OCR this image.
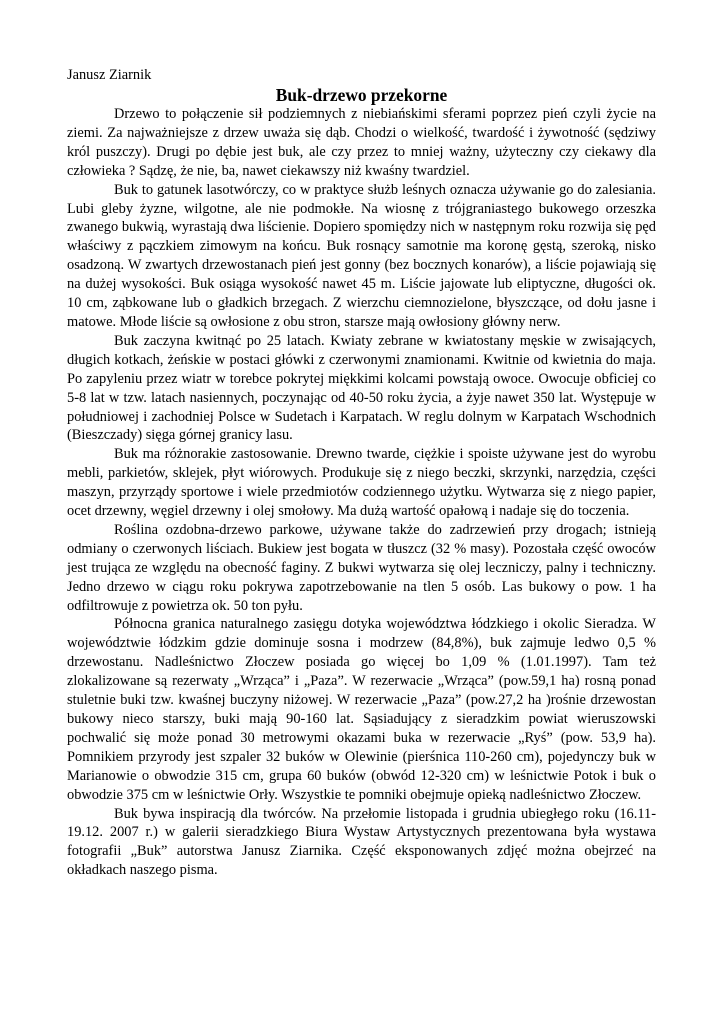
Janusz Ziarnik

Buk-drzewo przekorne

Drzewo to połączenie sił podziemnych z niebiańskimi sferami poprzez pień czyli życie na ziemi. Za najważniejsze z drzew uważa się dąb. Chodzi o wielkość, twardość i żywotność (sędziwy król puszczy). Drugi po dębie jest buk, ale czy przez to mniej ważny, użyteczny czy ciekawy dla człowieka ? Sądzę, że nie, ba, nawet ciekawszy niż kwaśny twardziel.

Buk to gatunek lasotwórczy, co w praktyce służb leśnych oznacza używanie go do zalesiania. Lubi gleby żyzne, wilgotne, ale nie podmokłe. Na wiosnę z trójgraniastego bukowego orzeszka zwanego bukwią, wyrastają dwa liścienie. Dopiero spomiędzy nich w następnym roku rozwija się pęd właściwy z pączkiem zimowym na końcu. Buk rosnący samotnie ma koronę gęstą, szeroką, nisko osadzoną. W zwartych drzewostanach pień jest gonny (bez bocznych konarów), a liście pojawiają się na dużej wysokości. Buk osiąga wysokość nawet 45 m. Liście jajowate lub eliptyczne, długości ok. 10 cm, ząbkowane lub o gładkich brzegach. Z wierzchu ciemnozielone, błyszczące, od dołu jasne i matowe. Młode liście są owłosione z obu stron, starsze mają owłosiony główny nerw.

Buk zaczyna kwitnąć po 25 latach. Kwiaty zebrane w kwiatostany męskie w zwisających, długich kotkach, żeńskie w postaci główki z czerwonymi znamionami. Kwitnie od kwietnia do maja. Po zapyleniu przez wiatr w torebce pokrytej miękkimi kolcami powstają owoce. Owocuje obficiej co 5-8 lat w tzw. latach nasiennych, poczynając od 40-50 roku życia, a żyje nawet 350 lat. Występuje w południowej i zachodniej Polsce w Sudetach i Karpatach. W reglu dolnym w Karpatach Wschodnich (Bieszczady) sięga górnej granicy lasu.

Buk ma różnorakie zastosowanie. Drewno twarde, ciężkie i spoiste używane jest do wyrobu mebli, parkietów, sklejek, płyt wiórowych. Produkuje się z niego beczki, skrzynki, narzędzia, części maszyn, przyrządy sportowe i wiele przedmiotów codziennego użytku. Wytwarza się z niego papier, ocet drzewny, węgiel drzewny i olej smołowy. Ma dużą wartość opałową i nadaje się do toczenia.

Roślina ozdobna-drzewo parkowe, używane także do zadrzewień przy drogach; istnieją odmiany o czerwonych liściach. Bukiew jest bogata w tłuszcz (32 % masy). Pozostała część owoców jest trująca ze względu na obecność faginy. Z bukwi wytwarza się olej leczniczy, palny i techniczny. Jedno drzewo w ciągu roku pokrywa zapotrzebowanie na tlen 5 osób. Las bukowy o pow. 1 ha odfiltrowuje z powietrza ok. 50 ton pyłu.

Północna granica naturalnego zasięgu dotyka województwa łódzkiego i okolic Sieradza. W województwie łódzkim gdzie dominuje sosna i modrzew (84,8%), buk zajmuje ledwo 0,5 % drzewostanu. Nadleśnictwo Złoczew posiada go więcej bo 1,09 % (1.01.1997). Tam też zlokalizowane są rezerwaty „Wrząca” i „Paza”. W rezerwacie „Wrząca” (pow.59,1 ha) rosną ponad stuletnie buki tzw. kwaśnej buczyny niżowej. W rezerwacie „Paza” (pow.27,2 ha )rośnie drzewostan bukowy nieco starszy, buki mają 90-160 lat. Sąsiadujący z sieradzkim powiat wieruszowski pochwalić się może ponad 30 metrowymi okazami buka w rezerwacie „Ryś” (pow. 53,9 ha). Pomnikiem przyrody jest szpaler 32 buków w Olewinie (pierśnica 110-260 cm), pojedynczy buk w Marianowie o obwodzie 315 cm, grupa 60 buków (obwód 12-320 cm) w leśnictwie Potok i buk o obwodzie 375 cm w leśnictwie Orły. Wszystkie te pomniki obejmuje opieką nadleśnictwo Złoczew.

Buk bywa inspiracją dla twórców. Na przełomie listopada i grudnia ubiegłego roku (16.11-19.12. 2007 r.) w galerii sieradzkiego Biura Wystaw Artystycznych prezentowana była wystawa fotografii „Buk” autorstwa Janusz Ziarnika. Część eksponowanych zdjęć można obejrzeć na okładkach naszego pisma.
